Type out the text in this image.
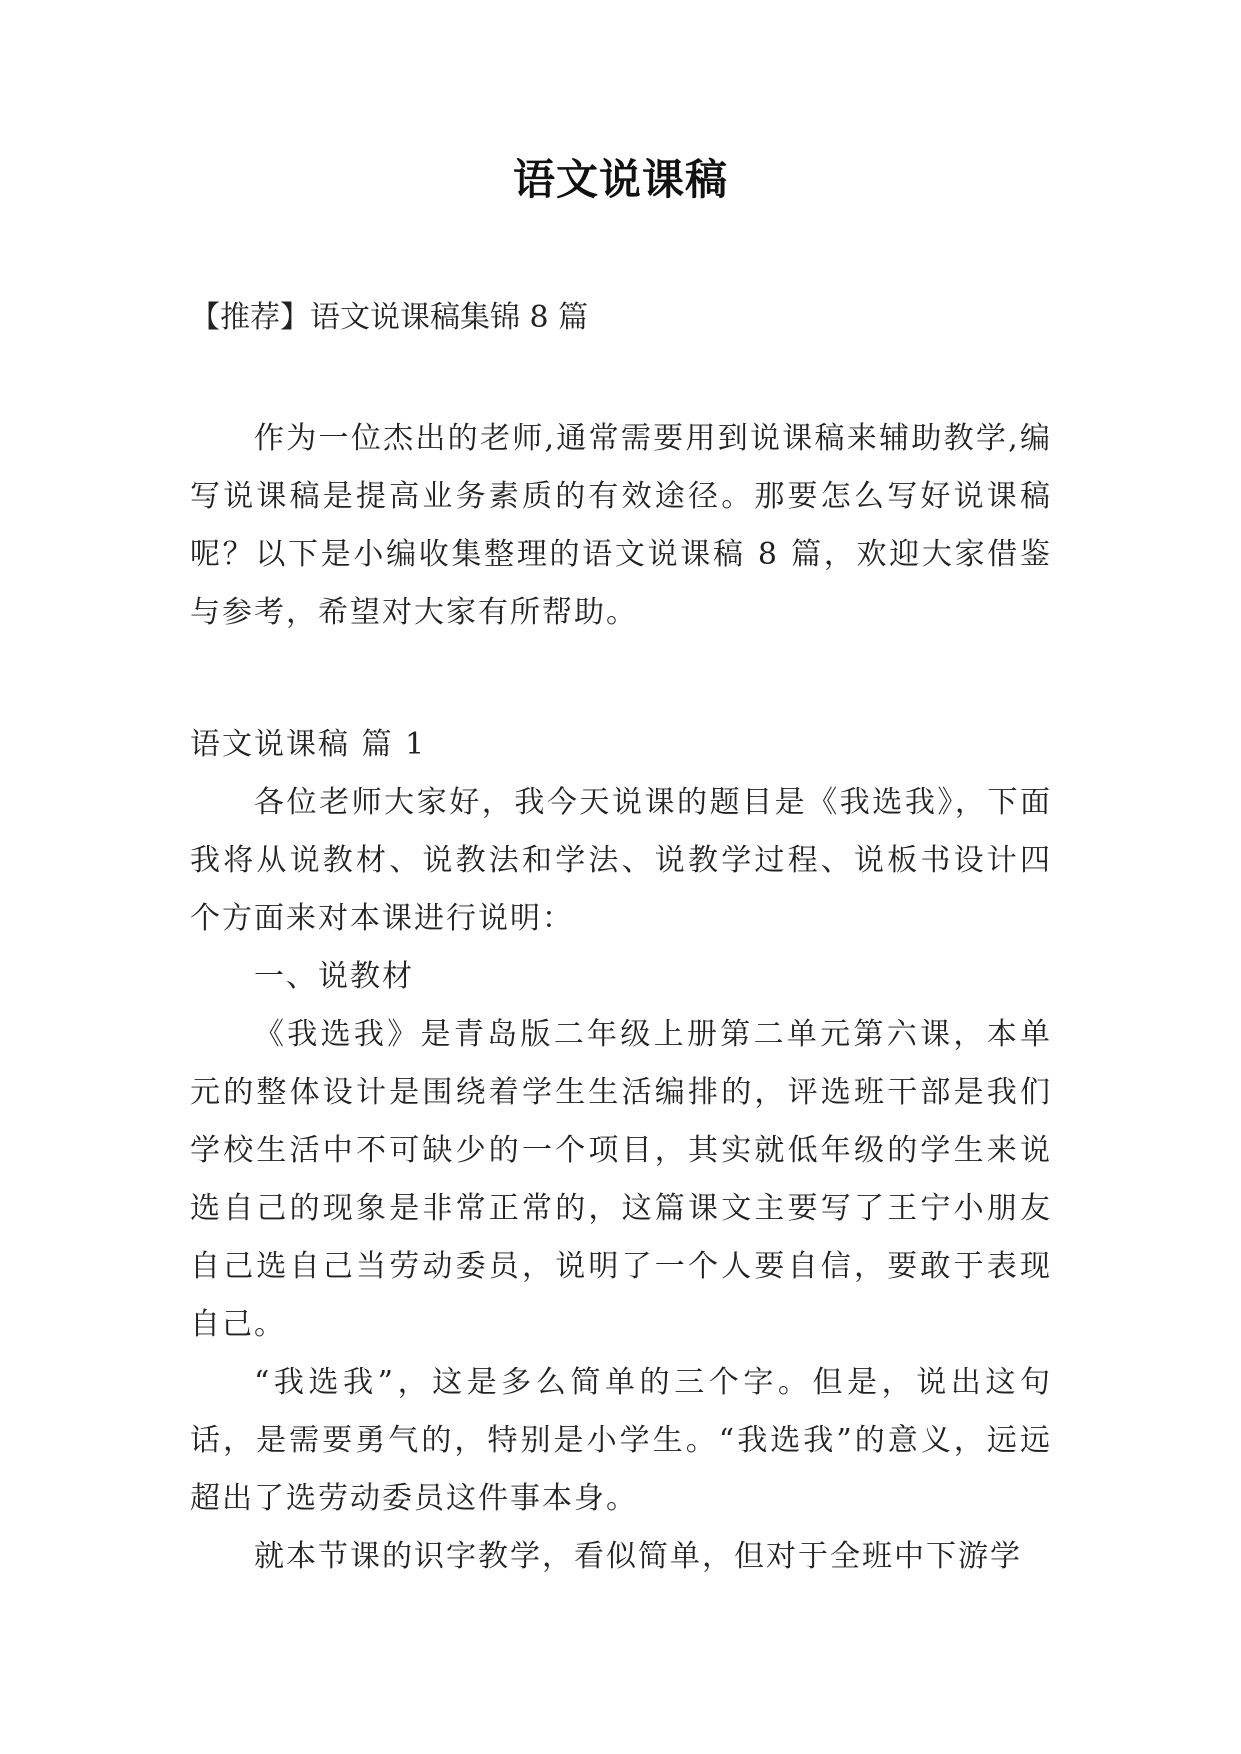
语文说课稿

【推荐】语文说课稿集锦 8 篇

作为一位杰出的老师,通常需要用到说课稿来辅助教学,编写说课稿是提高业务素质的有效途径。那要怎么写好说课稿呢？以下是小编收集整理的语文说课稿 8 篇，欢迎大家借鉴与参考，希望对大家有所帮助。

语文说课稿 篇 1

各位老师大家好，我今天说课的题目是《我选我》，下面我将从说教材、说教法和学法、说教学过程、说板书设计四个方面来对本课进行说明：

一、说教材

《我选我》是青岛版二年级上册第二单元第六课，本单元的整体设计是围绕着学生生活编排的，评选班干部是我们学校生活中不可缺少的一个项目，其实就低年级的学生来说选自己的现象是非常正常的，这篇课文主要写了王宁小朋友自己选自己当劳动委员，说明了一个人要自信，要敢于表现自己。

“我选我”，这是多么简单的三个字。但是，说出这句话，是需要勇气的，特别是小学生。“我选我”的意义，远远超出了选劳动委员这件事本身。

就本节课的识字教学，看似简单，但对于全班中下游学
